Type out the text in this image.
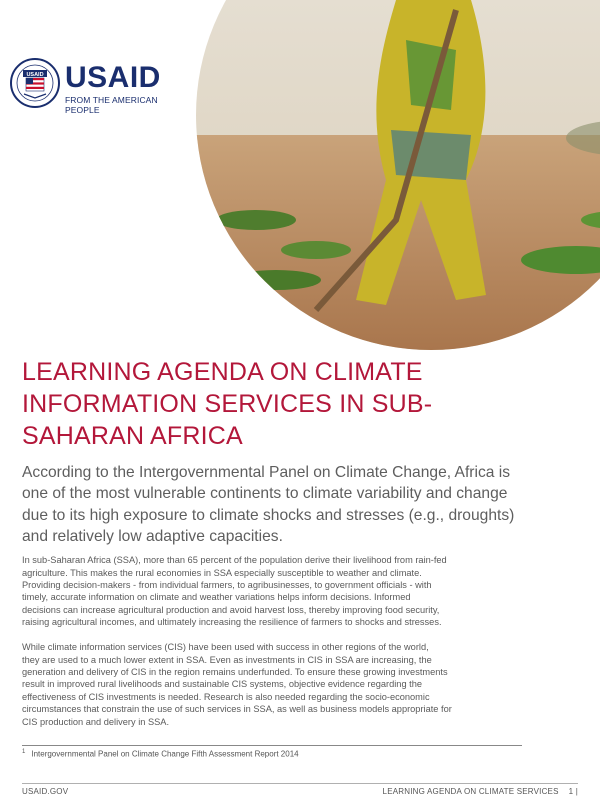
USAID USAID
FROM THE AMERICAN PEOPLE
LEARNING AGENDA ON CLIMATE
INFORMATION SERVICES IN SUB-
SAHARAN AFRICA

According to the Intergovernmental Panel on Climate Change, Africa is
one of the most vulnerable continents to climate variability and change
due to its high exposure to climate shocks and stresses (e.g., droughts)
and relatively low adaptive capacities.

In sub-Saharan Africa (SSA), more than 65 percent of the population derive their livelihood from rain-fed
agriculture. This makes the rural economies in SSA especially susceptible to weather and climate.
Providing decision-makers - from individual farmers, to agribusinesses, to government officials - with
timely, accurate information on climate and weather variations helps inform decisions. Informed
decisions can increase agricultural production and avoid harvest loss, thereby improving food security,
raising agricultural incomes, and ultimately increasing the resilience of farmers to shocks and stresses.

While climate information services (CIS) have been used with success in other regions of the world,
they are used to a much lower extent in SSA. Even as investments in CIS in SSA are increasing, the
generation and delivery of CIS in the region remains underfunded. To ensure these growing investments
result in improved rural livelihoods and sustainable CIS systems, objective evidence regarding the
effectiveness of CIS investments is needed. Research is also needed regarding the socio-economic
circumstances that constrain the use of such services in SSA, as well as business models appropriate for
CIS production and delivery in SSA.

$^1$ Intergovernmental Panel on Climate Change Fifth Assessment Report 2014
USAID.GOV	LEARNING AGENDA ON CLIMATE SERVICES 1 |
